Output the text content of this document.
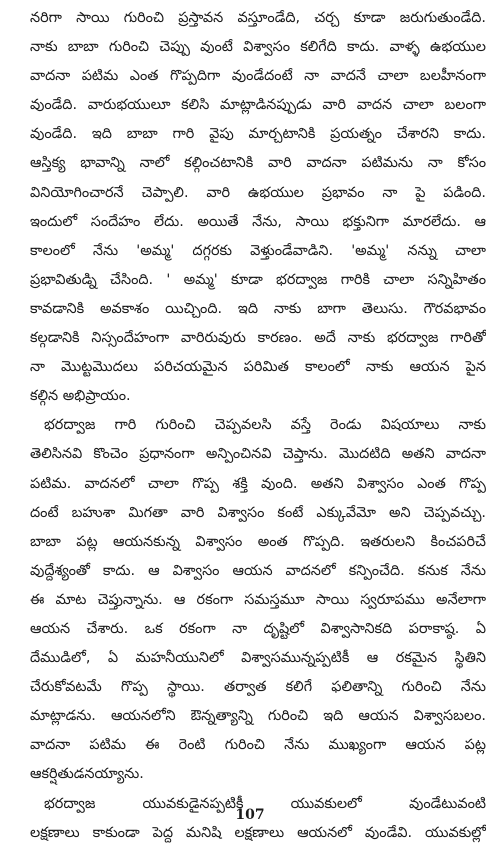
నరిగా సాయి గురించి ప్రస్తావన వస్తూండేది, చర్చ కూడా జరుగుతుండేది.
నాకు బాబా గురించి చెప్పు వుంటే విశ్వాసం కలిగేది కాదు. వాళ్ళ ఉభయుల
వాదనా పటిమ ఎంత గొప్పదిగా వుండేదంటే నా వాదనే చాలా బలహీనంగా
వుండేది. వారుభయులూ కలిసి మాట్లాడినప్పుడు వారి వాదన చాలా బలంగా
వుండేది. ఇది బాబా గారి వైపు మార్చటానికి ప్రయత్నం చేశారని కాదు.
ఆస్తిక్య భావాన్ని నాలో కల్గించటానికి వారి వాదనా పటిమను నా కోసం
వినియోగించారనే చెప్పాలి. వారి ఉభయుల ప్రభావం నా పై పడింది.
ఇందులో సందేహం లేదు. అయితే నేను, సాయి భక్తునిగా మారలేదు. ఆ
కాలంలో నేను 'అమ్మ' దగ్గరకు వెళ్తుండేవాడిని. 'అమ్మ' నన్ను చాలా
ప్రభావితుడ్ని చేసింది. ' అమ్మ' కూడా భరద్వాజ గారికి చాలా సన్నిహితం
కావడానికి అవకాశం యిచ్చింది. ఇది నాకు బాగా తెలుసు. గౌరవభావం
కల్గడానికి నిస్సందేహంగా వారిరువురు కారణం. అదే నాకు భరద్వాజ గారితో
నా మొట్టమొదలు పరిచయమైన పరిమిత కాలంలో నాకు ఆయన పైన
కల్గిన అభిప్రాయం.
భరద్వాజ గారి గురించి చెప్పవలసి వస్తే రెండు విషయాలు నాకు
తెలిసినవి కొంచెం ప్రధానంగా అన్పించినవి చెప్తాను. మొదటిది అతని వాదనా
పటిమ. వాదనలో చాలా గొప్ప శక్తి వుంది. అతని విశ్వాసం ఎంత గొప్ప
దంటే బహుశా మిగతా వారి విశ్వాసం కంటే ఎక్కువేమో అని చెప్పవచ్చు.
బాబా పట్ల ఆయనకున్న విశ్వాసం అంత గొప్పది. ఇతరులని కించపరిచే
వుద్దేశ్యంతో కాదు. ఆ విశ్వాసం ఆయన వాదనలో కన్పించేది. కనుక నేను
ఈ మాట చెప్తున్నాను. ఆ రకంగా సమస్తమూ సాయి స్వరూపము అనేలాగా
ఆయన చేశారు. ఒక రకంగా నా దృష్టిలో విశ్వాసానికది పరాకాష్ఠ. ఏ
దేముడిలో, ఏ మహనీయునిలో విశ్వాసమున్నప్పటికీ ఆ రకమైన స్థితిని
చేరుకోవటమే గొప్ప స్థాయి. తర్వాత కలిగే ఫలితాన్ని గురించి నేను
మాట్లాడను. ఆయనలోని ఔన్నత్యాన్ని గురించి ఇది ఆయన విశ్వాసబలం.
వాదనా పటిమ ఈ రెంటి గురించి నేను ముఖ్యంగా ఆయన పట్ల
ఆకర్షితుడనయ్యాను.
భరద్వాజ యువకుడైనప్పటికీ యువకులలో వుండేటువంటి
లక్షణాలు కాకుండా పెద్ద మనిషి లక్షణాలు ఆయనలో వుండేవి. యువకుల్లో
107
